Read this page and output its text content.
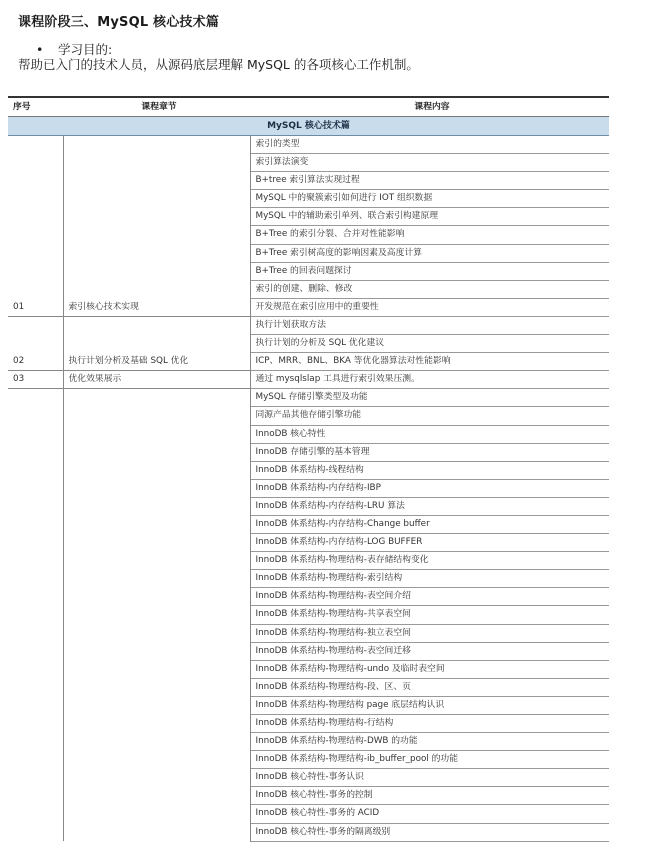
课程阶段三、MySQL 核心技术篇
• 学习目的:
帮助已入门的技术人员，从源码底层理解 MySQL 的各项核心工作机制。
序号	课程章节	课程内容
MySQL 核心技术篇		
		索引的类型
		索引算法演变
		B+tree 索引算法实现过程
		MySQL 中的聚簇索引如何进行 IOT 组织数据
		MySQL 中的辅助索引单列、联合索引构建原理
		B+Tree 的索引分裂、合并对性能影响
		B+Tree 索引树高度的影响因素及高度计算
		B+Tree 的回表问题探讨
		索引的创建、删除、修改
01	索引核心技术实现	开发规范在索引应用中的重要性
		执行计划获取方法
		执行计划的分析及 SQL 优化建议
02	执行计划分析及基础 SQL 优化	ICP、MRR、BNL、BKA 等优化器算法对性能影响
03	优化效果展示	通过 mysqlslap 工具进行索引效果压测。
		MySQL 存储引擎类型及功能
		同源产品其他存储引擎功能
		InnoDB 核心特性
		InnoDB 存储引擎的基本管理
		InnoDB 体系结构-线程结构
		InnoDB 体系结构-内存结构-IBP
		InnoDB 体系结构-内存结构-LRU 算法
		InnoDB 体系结构-内存结构-Change buffer
		InnoDB 体系结构-内存结构-LOG BUFFER
		InnoDB 体系结构-物理结构-表存储结构变化
		InnoDB 体系结构-物理结构-索引结构
		InnoDB 体系结构-物理结构-表空间介绍
		InnoDB 体系结构-物理结构-共享表空间
		InnoDB 体系结构-物理结构-独立表空间
		InnoDB 体系结构-物理结构-表空间迁移
		InnoDB 体系结构-物理结构-undo 及临时表空间
		InnoDB 体系结构-物理结构-段、区、页
		InnoDB 体系结构-物理结构 page 底层结构认识
		InnoDB 体系结构-物理结构-行结构
		InnoDB 体系结构-物理结构-DWB 的功能
		InnoDB 体系结构-物理结构-ib_buffer_pool 的功能
		InnoDB 核心特性-事务认识
		InnoDB 核心特性-事务的控制
		InnoDB 核心特性-事务的 ACID
		InnoDB 核心特性-事务的隔离级别
